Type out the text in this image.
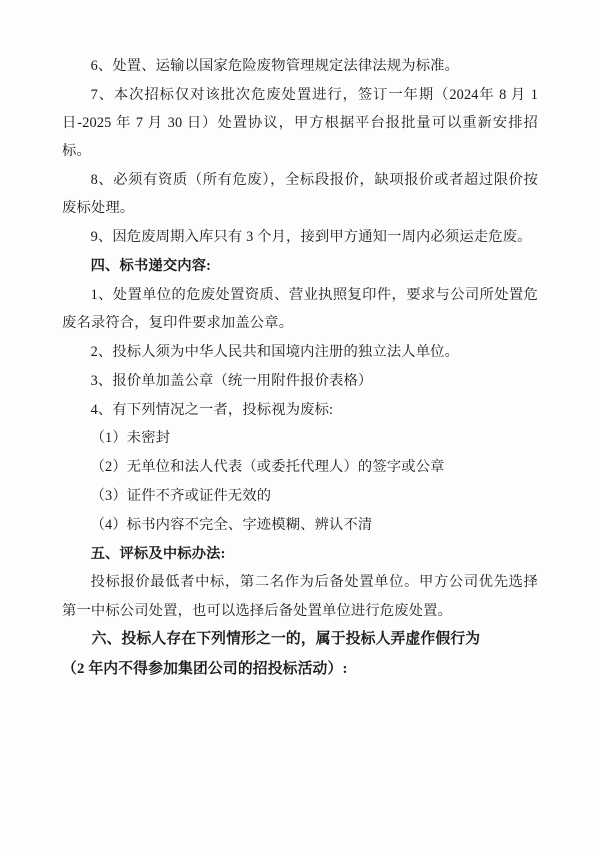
6、处置、运输以国家危险废物管理规定法律法规为标准。

7、本次招标仅对该批次危废处置进行，签订一年期（2024年 8 月 1 日-2025 年 7 月 30 日）处置协议，甲方根据平台报批量可以重新安排招标。

8、必须有资质（所有危废），全标段报价，缺项报价或者超过限价按废标处理。

9、因危废周期入库只有 3 个月，接到甲方通知一周内必须运走危废。

四、标书递交内容:

1、处置单位的危废处置资质、营业执照复印件，要求与公司所处置危废名录符合，复印件要求加盖公章。

2、投标人须为中华人民共和国境内注册的独立法人单位。

3、报价单加盖公章（统一用附件报价表格）

4、有下列情况之一者，投标视为废标:

（1）未密封

（2）无单位和法人代表（或委托代理人）的签字或公章

（3）证件不齐或证件无效的

（4）标书内容不完全、字迹模糊、辨认不清

五、评标及中标办法:

投标报价最低者中标，第二名作为后备处置单位。甲方公司优先选择第一中标公司处置，也可以选择后备处置单位进行危废处置。

六、投标人存在下列情形之一的，属于投标人弄虚作假行为

（2 年内不得参加集团公司的招投标活动）:
